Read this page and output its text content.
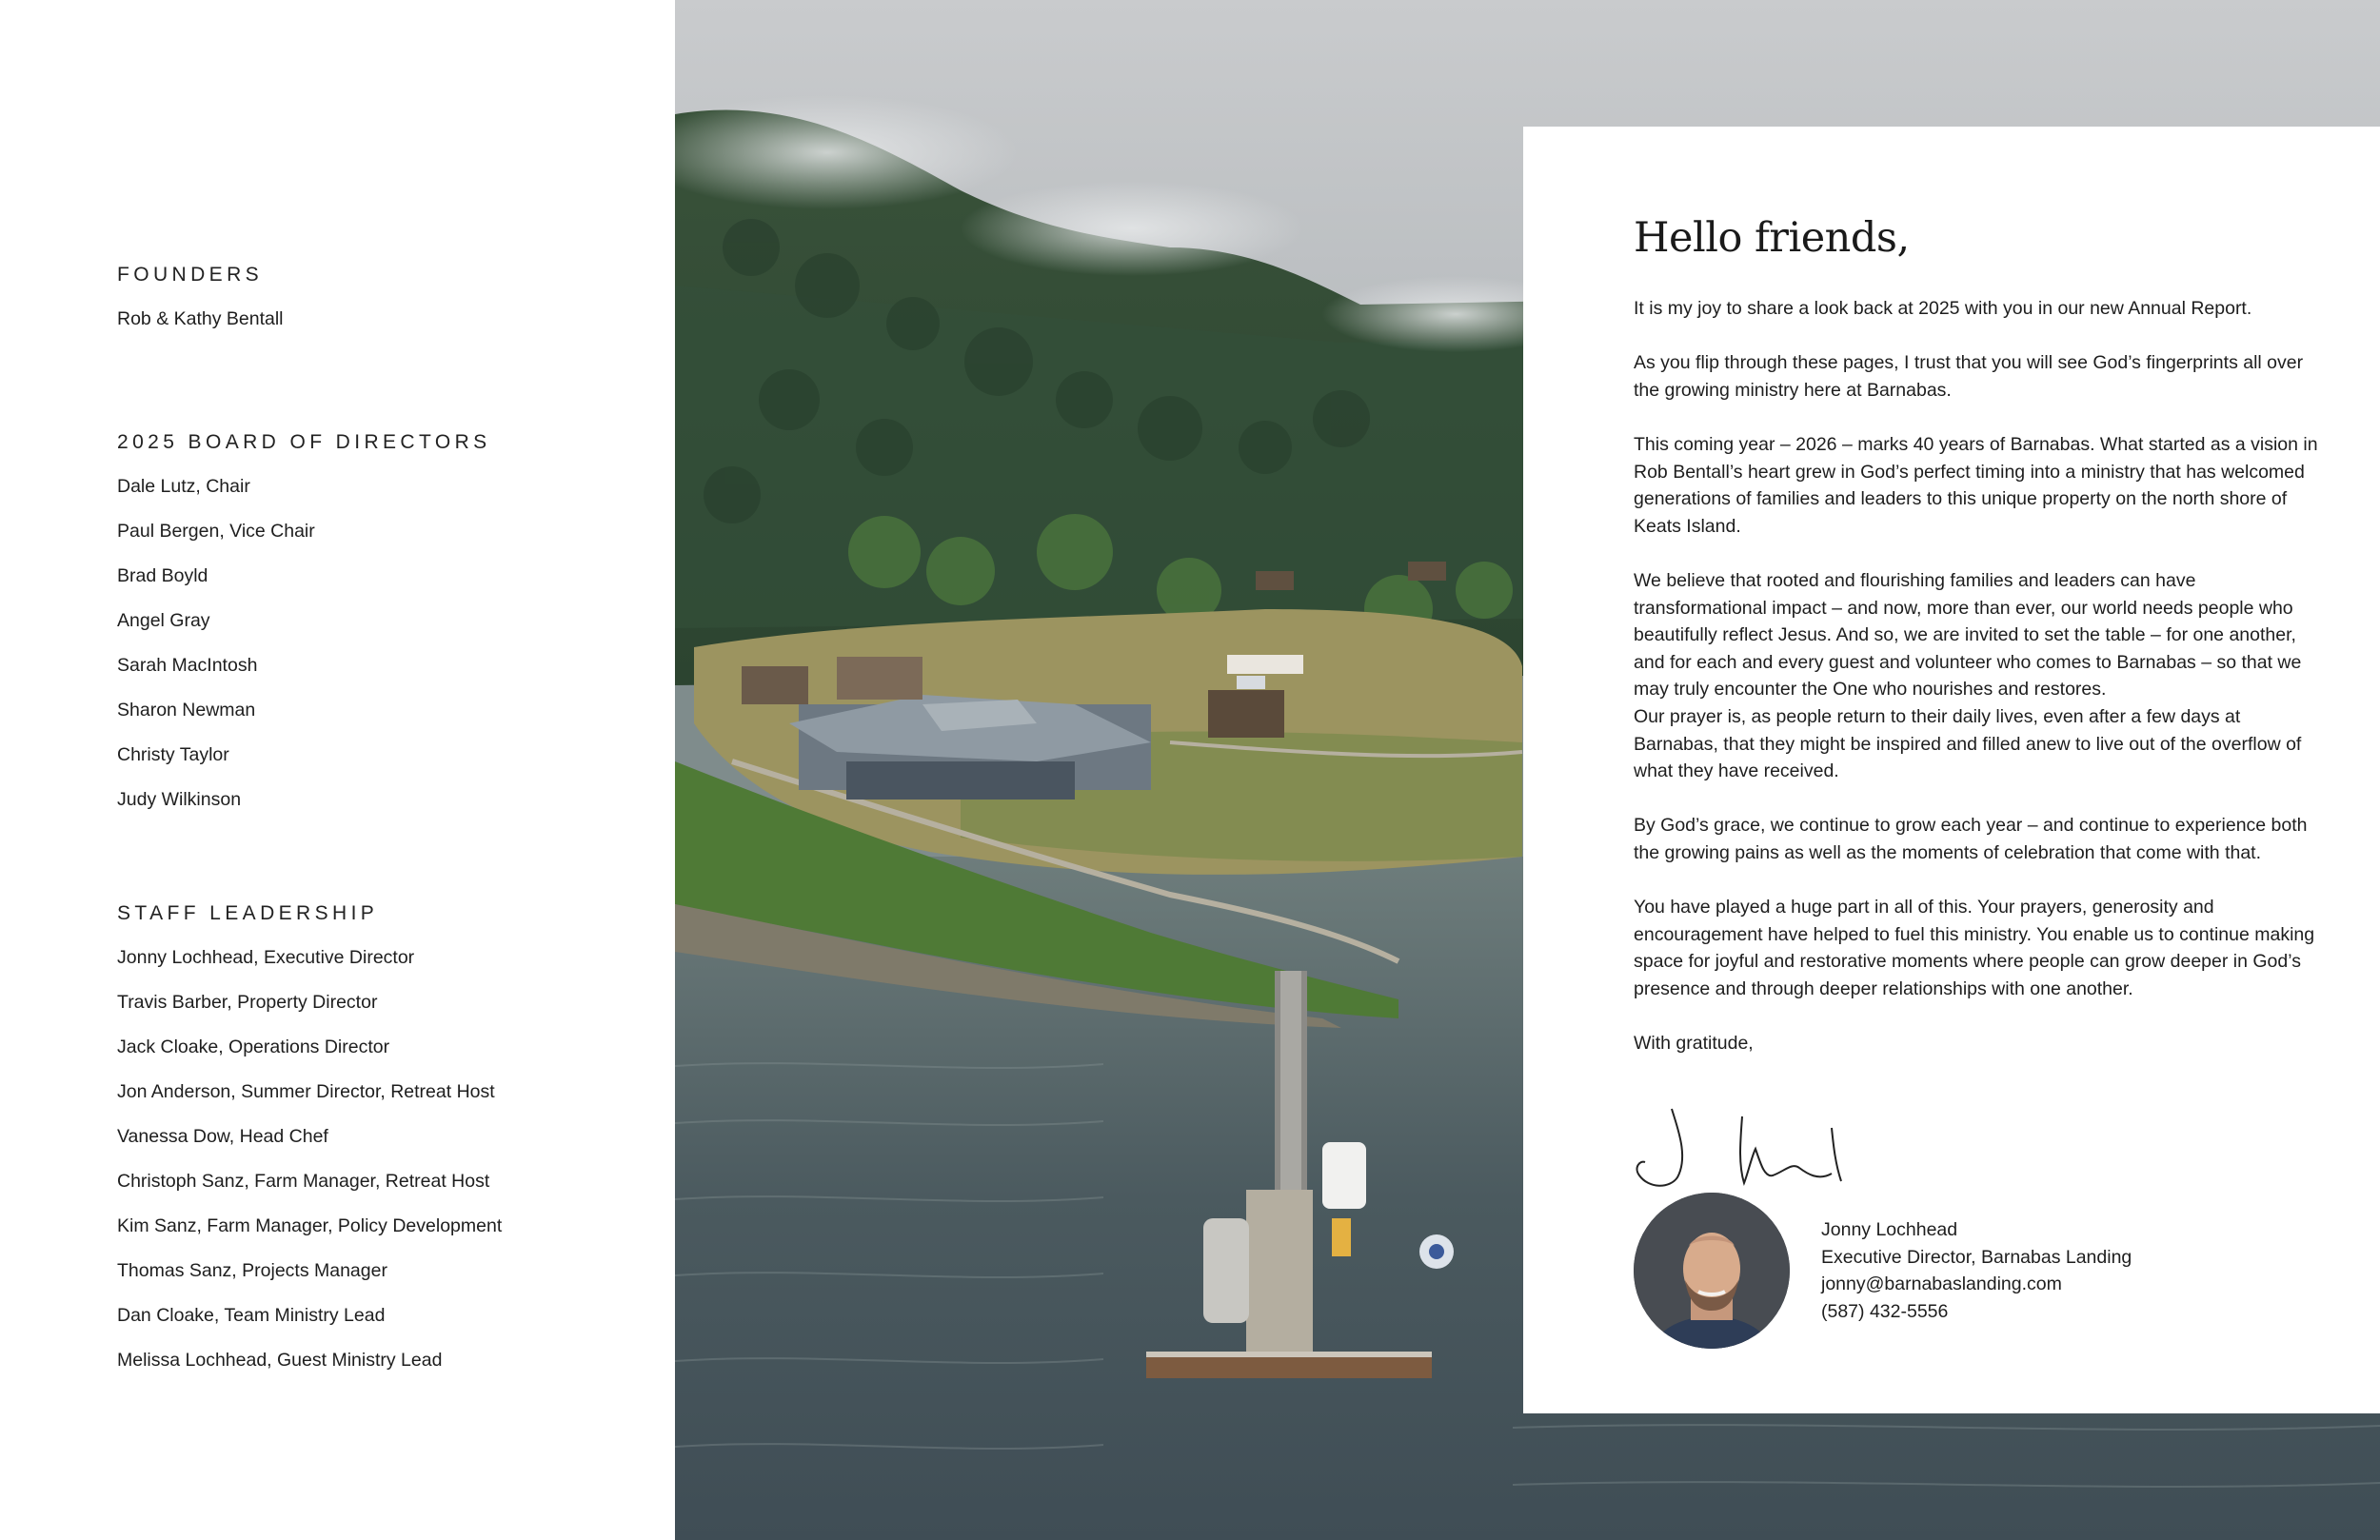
FOUNDERS
Rob & Kathy Bentall
2025 BOARD OF DIRECTORS
Dale Lutz, Chair
Paul Bergen, Vice Chair
Brad Boyld
Angel Gray
Sarah MacIntosh
Sharon Newman
Christy Taylor
Judy Wilkinson
STAFF LEADERSHIP
Jonny Lochhead, Executive Director
Travis Barber, Property Director
Jack Cloake, Operations Director
Jon Anderson, Summer Director, Retreat Host
Vanessa Dow, Head Chef
Christoph Sanz, Farm Manager, Retreat Host
Kim Sanz, Farm Manager, Policy Development
Thomas Sanz, Projects Manager
Dan Cloake, Team Ministry Lead
Melissa Lochhead, Guest Ministry Lead
Hello friends,

It is my joy to share a look back at 2025 with you in our new Annual Report.

As you flip through these pages, I trust that you will see God’s fingerprints all over the growing ministry here at Barnabas.

This coming year – 2026 – marks 40 years of Barnabas. What started as a vision in Rob Bentall’s heart grew in God’s perfect timing into a ministry that has welcomed generations of families and leaders to this unique property on the north shore of Keats Island.

We believe that rooted and flourishing families and leaders can have transformational impact – and now, more than ever, our world needs people who beautifully reflect Jesus. And so, we are invited to set the table – for one another, and for each and every guest and volunteer who comes to Barnabas – so that we may truly encounter the One who nourishes and restores.

Our prayer is, as people return to their daily lives, even after a few days at Barnabas, that they might be inspired and filled anew to live out of the overflow of what they have received.

By God’s grace, we continue to grow each year – and continue to experience both the growing pains as well as the moments of celebration that come with that.

You have played a huge part in all of this. Your prayers, generosity and encouragement have helped to fuel this ministry. You enable us to continue making space for joyful and restorative moments where people can grow deeper in God’s presence and through deeper relationships with one another.

With gratitude,

Jonny Lochhead
Executive Director, Barnabas Landing
jonny@barnabaslanding.com
(587) 432-5556
